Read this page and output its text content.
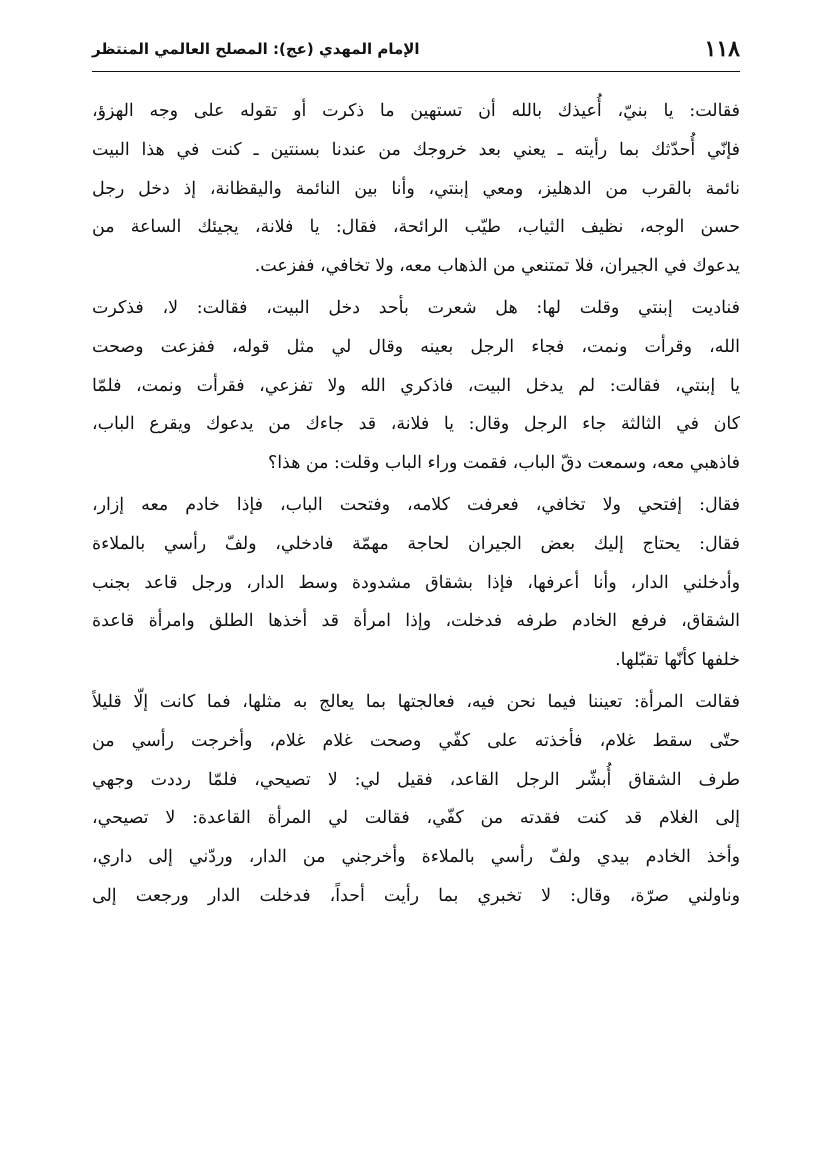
١١٨
الإمام المهدي (عج): المصلح العالمي المنتظر
فقالت: يا بنيّ، أُعيذك بالله أن تستهين ما ذكرت أو تقوله على وجه الهزؤ،
فإنّي أُحدّثك بما رأيته ـ يعني بعد خروجك من عندنا بسنتين ـ كنت في هذا البيت
نائمة بالقرب من الدهليز، ومعي إبنتي، وأنا بين النائمة واليقظانة، إذ دخل رجل
حسن الوجه، نظيف الثياب، طيّب الرائحة، فقال: يا فلانة، يجيئك الساعة من
يدعوك في الجيران، فلا تمتنعي من الذهاب معه، ولا تخافي، ففزعت.
فناديت إبنتي وقلت لها: هل شعرت بأحد دخل البيت، فقالت: لا، فذكرت
الله، وقرأت ونمت، فجاء الرجل بعينه وقال لي مثل قوله، ففزعت وصحت
يا إبنتي، فقالت: لم يدخل البيت، فاذكري الله ولا تفزعي، فقرأت ونمت، فلمّا
كان في الثالثة جاء الرجل وقال: يا فلانة، قد جاءك من يدعوك ويقرع الباب،
فاذهبي معه، وسمعت دقّ الباب، فقمت وراء الباب وقلت: من هذا؟
فقال: إفتحي ولا تخافي، فعرفت كلامه، وفتحت الباب، فإذا خادم معه إزار،
فقال: يحتاج إليك بعض الجيران لحاجة مهمّة فادخلي، ولفّ رأسي بالملاءة
وأدخلني الدار، وأنا أعرفها، فإذا بشقاق مشدودة وسط الدار، ورجل قاعد بجنب
الشقاق، فرفع الخادم طرفه فدخلت، وإذا امرأة قد أخذها الطلق وامرأة قاعدة
خلفها كأنّها تقبّلها.
فقالت المرأة: تعيننا فيما نحن فيه، فعالجتها بما يعالج به مثلها، فما كانت إلّا قليلاً
حتّى سقط غلام، فأخذته على كفّي وصحت غلام غلام، وأخرجت رأسي من
طرف الشقاق أُبشّر الرجل القاعد، فقيل لي: لا تصيحي، فلمّا رددت وجهي
إلى الغلام قد كنت فقدته من كفّي، فقالت لي المرأة القاعدة: لا تصيحي،
وأخذ الخادم بيدي ولفّ رأسي بالملاءة وأخرجني من الدار، وردّني إلى داري،
وناولني صرّة، وقال: لا تخبري بما رأيت أحداً، فدخلت الدار ورجعت إلى
